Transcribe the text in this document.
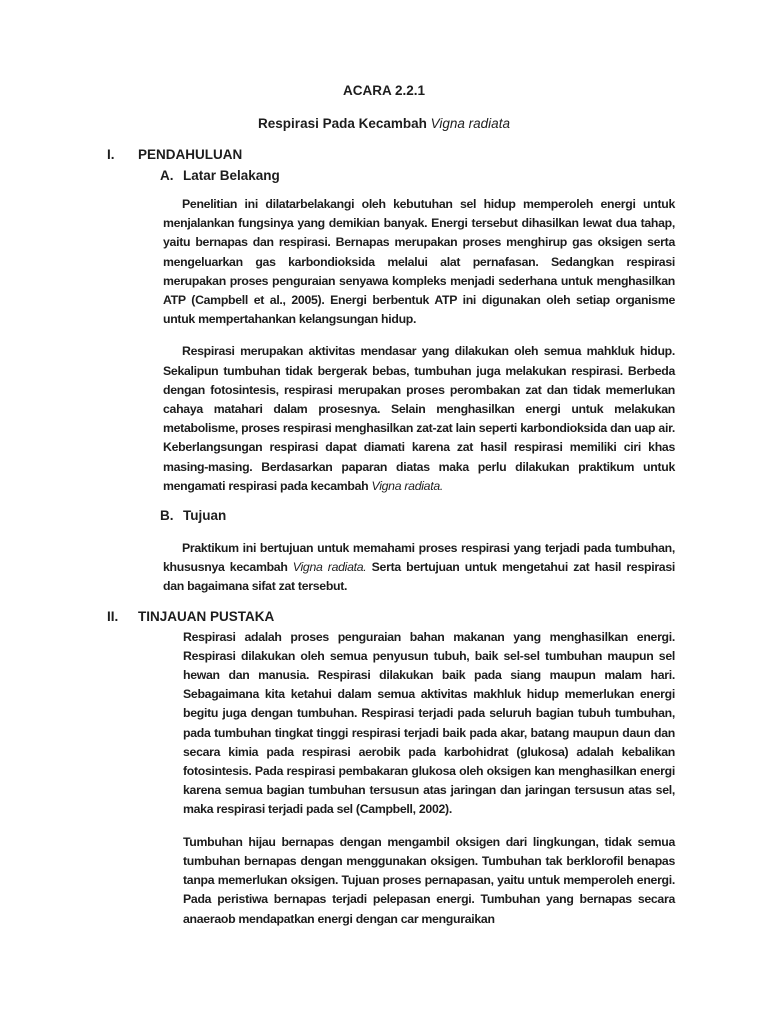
ACARA 2.2.1
Respirasi Pada Kecambah Vigna radiata
I.	PENDAHULUAN
A. Latar Belakang

Penelitian ini dilatarbelakangi oleh kebutuhan sel hidup memperoleh energi untuk menjalankan fungsinya yang demikian banyak. Energi tersebut dihasilkan lewat dua tahap, yaitu bernapas dan respirasi. Bernapas merupakan proses menghirup gas oksigen serta mengeluarkan gas karbondioksida melalui alat pernafasan. Sedangkan respirasi merupakan proses penguraian senyawa kompleks menjadi sederhana untuk menghasilkan ATP (Campbell et al., 2005). Energi berbentuk ATP ini digunakan oleh setiap organisme untuk mempertahankan kelangsungan hidup.

Respirasi merupakan aktivitas mendasar yang dilakukan oleh semua mahkluk hidup. Sekalipun tumbuhan tidak bergerak bebas, tumbuhan juga melakukan respirasi. Berbeda dengan fotosintesis, respirasi merupakan proses perombakan zat dan tidak memerlukan cahaya matahari dalam prosesnya. Selain menghasilkan energi untuk melakukan metabolisme, proses respirasi menghasilkan zat-zat lain seperti karbondioksida dan uap air. Keberlangsungan respirasi dapat diamati karena zat hasil respirasi memiliki ciri khas masing-masing. Berdasarkan paparan diatas maka perlu dilakukan praktikum untuk mengamati respirasi pada kecambah Vigna radiata.

B. Tujuan

Praktikum ini bertujuan untuk memahami proses respirasi yang terjadi pada tumbuhan, khususnya kecambah Vigna radiata. Serta bertujuan untuk mengetahui zat hasil respirasi dan bagaimana sifat zat tersebut.

II.	TINJAUAN PUSTAKA

Respirasi adalah proses penguraian bahan makanan yang menghasilkan energi. Respirasi dilakukan oleh semua penyusun tubuh, baik sel-sel tumbuhan maupun sel hewan dan manusia. Respirasi dilakukan baik pada siang maupun malam hari. Sebagaimana kita ketahui dalam semua aktivitas makhluk hidup memerlukan energi begitu juga dengan tumbuhan. Respirasi terjadi pada seluruh bagian tubuh tumbuhan, pada tumbuhan tingkat tinggi respirasi terjadi baik pada akar, batang maupun daun dan secara kimia pada respirasi aerobik pada karbohidrat (glukosa) adalah kebalikan fotosintesis. Pada respirasi pembakaran glukosa oleh oksigen kan menghasilkan energi karena semua bagian tumbuhan tersusun atas jaringan dan jaringan tersusun atas sel, maka respirasi terjadi pada sel (Campbell, 2002).

Tumbuhan hijau bernapas dengan mengambil oksigen dari lingkungan, tidak semua tumbuhan bernapas dengan menggunakan oksigen. Tumbuhan tak berklorofil benapas tanpa memerlukan oksigen. Tujuan proses pernapasan, yaitu untuk memperoleh energi. Pada peristiwa bernapas terjadi pelepasan energi. Tumbuhan yang bernapas secara anaeraob mendapatkan energi dengan car menguraikan
